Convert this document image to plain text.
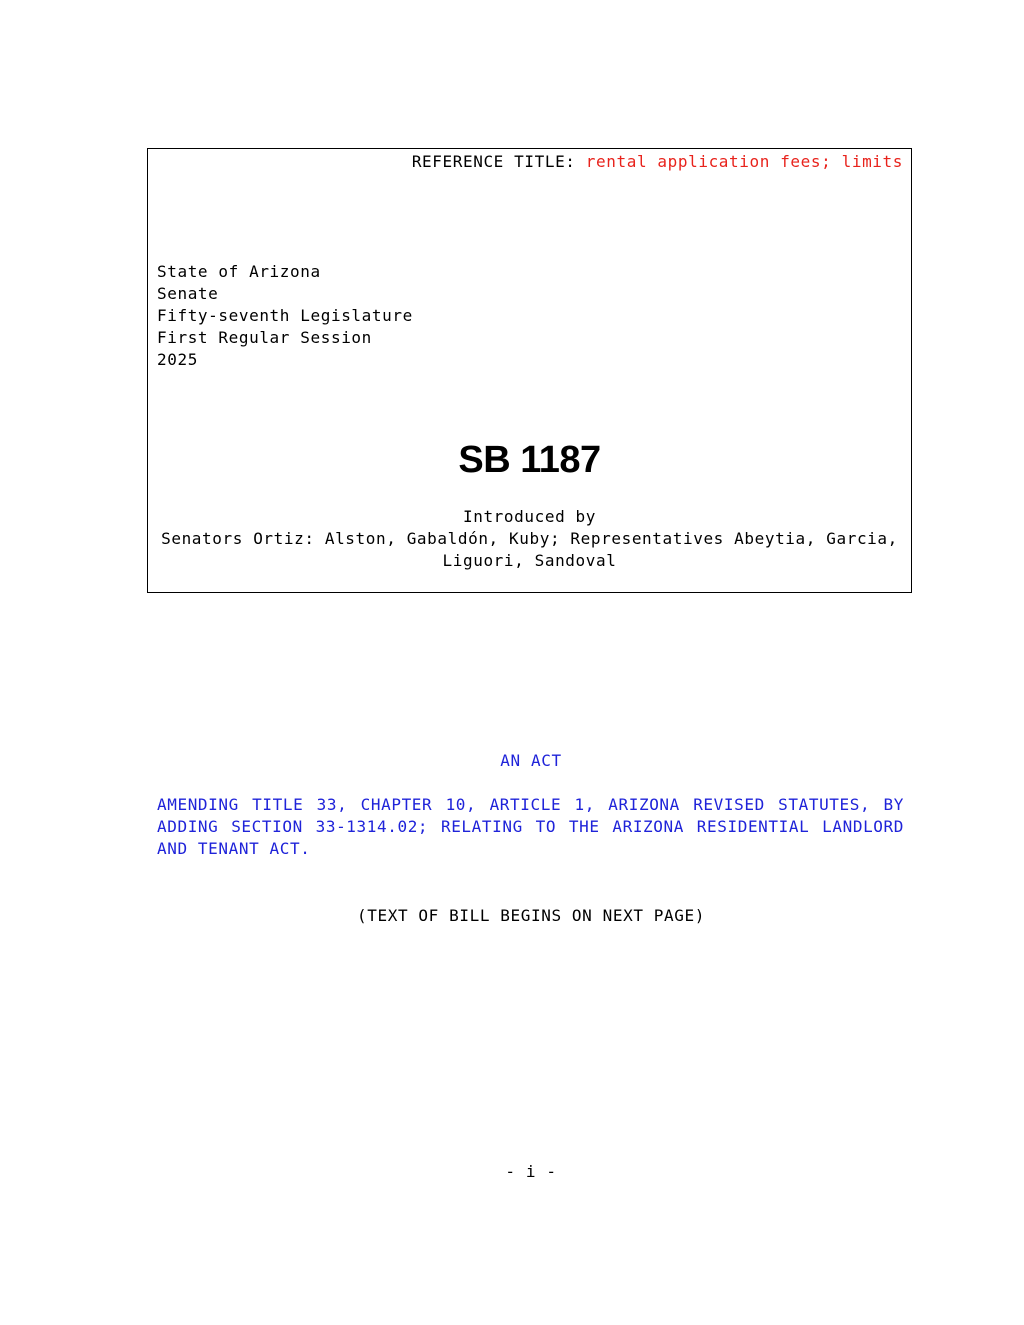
REFERENCE TITLE: rental application fees; limits
State of Arizona
Senate
Fifty-seventh Legislature
First Regular Session
2025
SB 1187
Introduced by
Senators Ortiz: Alston, Gabaldón, Kuby; Representatives Abeytia, Garcia,
Liguori, Sandoval
AN ACT
AMENDING TITLE 33, CHAPTER 10, ARTICLE 1, ARIZONA REVISED STATUTES, BY ADDING SECTION 33-1314.02; RELATING TO THE ARIZONA RESIDENTIAL LANDLORD AND TENANT ACT.
(TEXT OF BILL BEGINS ON NEXT PAGE)
- i -
